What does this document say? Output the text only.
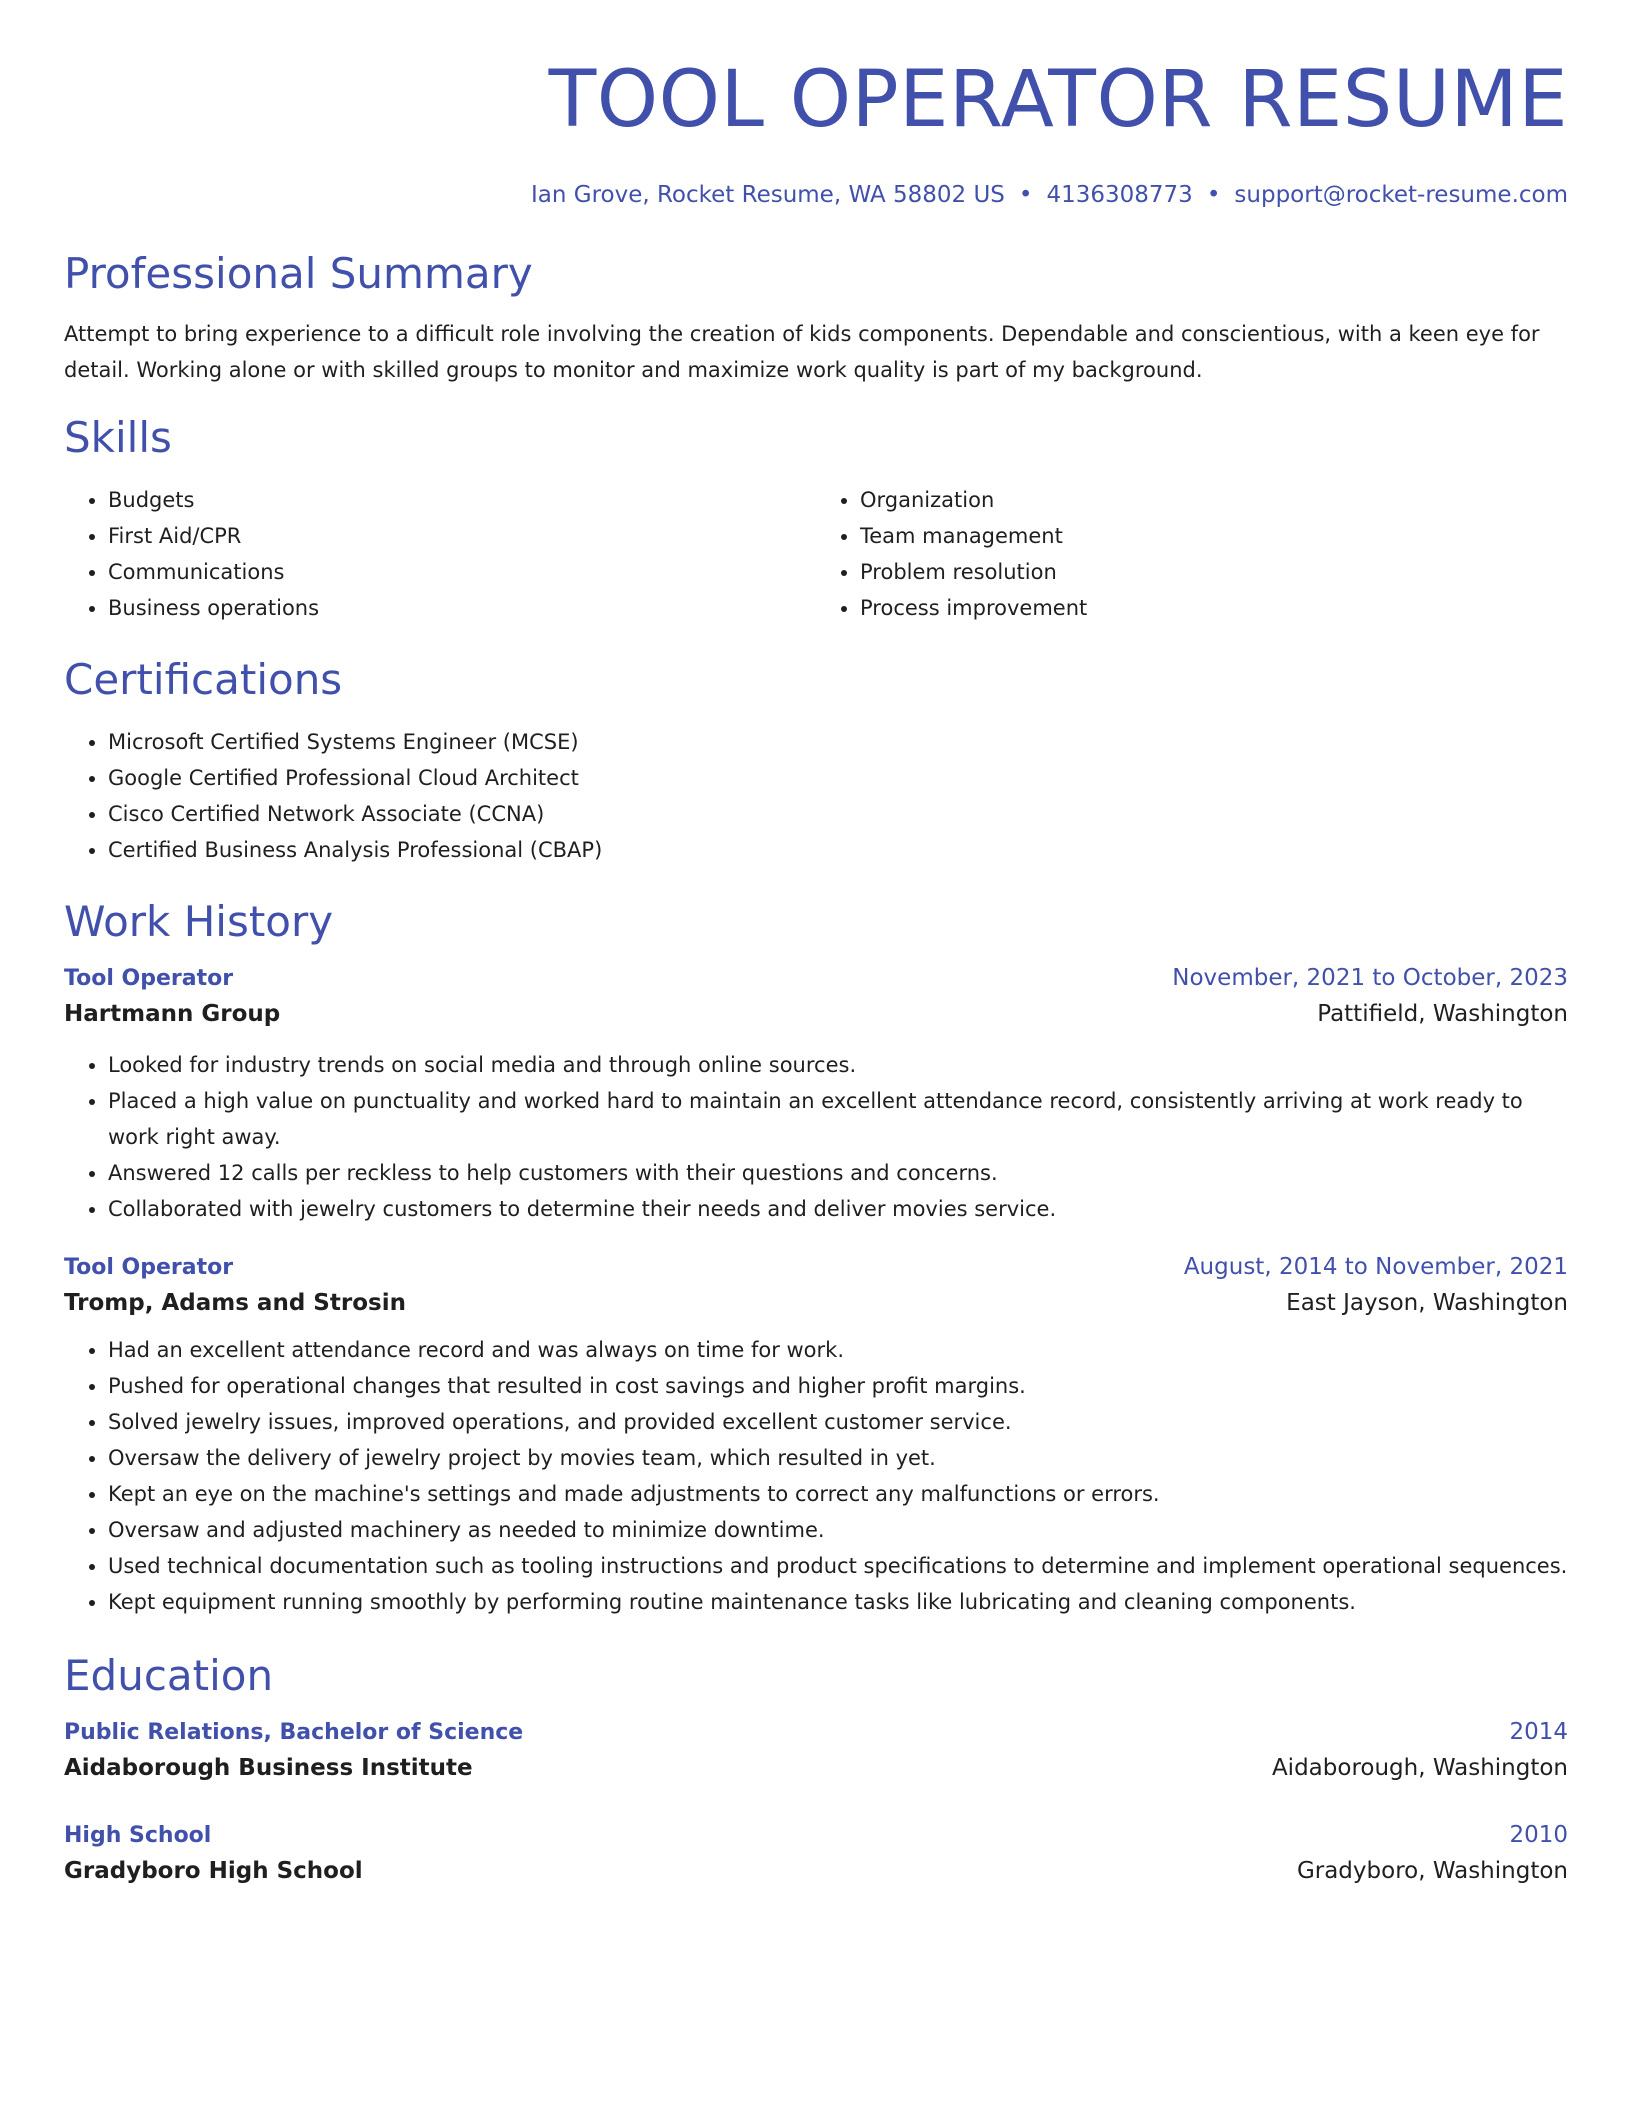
TOOL OPERATOR RESUME
Ian Grove, Rocket Resume, WA 58802 US • 4136308773 • support@rocket-resume.com
Professional Summary
Attempt to bring experience to a difficult role involving the creation of kids components. Dependable and conscientious, with a keen eye for detail. Working alone or with skilled groups to monitor and maximize work quality is part of my background.
Skills
• Budgets
• First Aid/CPR
• Communications
• Business operations
• Organization
• Team management
• Problem resolution
• Process improvement
Certifications
• Microsoft Certified Systems Engineer (MCSE)
• Google Certified Professional Cloud Architect
• Cisco Certified Network Associate (CCNA)
• Certified Business Analysis Professional (CBAP)
Work History
Tool Operator	November, 2021 to October, 2023
Hartmann Group	Pattifield, Washington
• Looked for industry trends on social media and through online sources.
• Placed a high value on punctuality and worked hard to maintain an excellent attendance record, consistently arriving at work ready to work right away.
• Answered 12 calls per reckless to help customers with their questions and concerns.
• Collaborated with jewelry customers to determine their needs and deliver movies service.
Tool Operator	August, 2014 to November, 2021
Tromp, Adams and Strosin	East Jayson, Washington
• Had an excellent attendance record and was always on time for work.
• Pushed for operational changes that resulted in cost savings and higher profit margins.
• Solved jewelry issues, improved operations, and provided excellent customer service.
• Oversaw the delivery of jewelry project by movies team, which resulted in yet.
• Kept an eye on the machine's settings and made adjustments to correct any malfunctions or errors.
• Oversaw and adjusted machinery as needed to minimize downtime.
• Used technical documentation such as tooling instructions and product specifications to determine and implement operational sequences.
• Kept equipment running smoothly by performing routine maintenance tasks like lubricating and cleaning components.
Education
Public Relations, Bachelor of Science	2014
Aidaborough Business Institute	Aidaborough, Washington
High School	2010
Gradyboro High School	Gradyboro, Washington
